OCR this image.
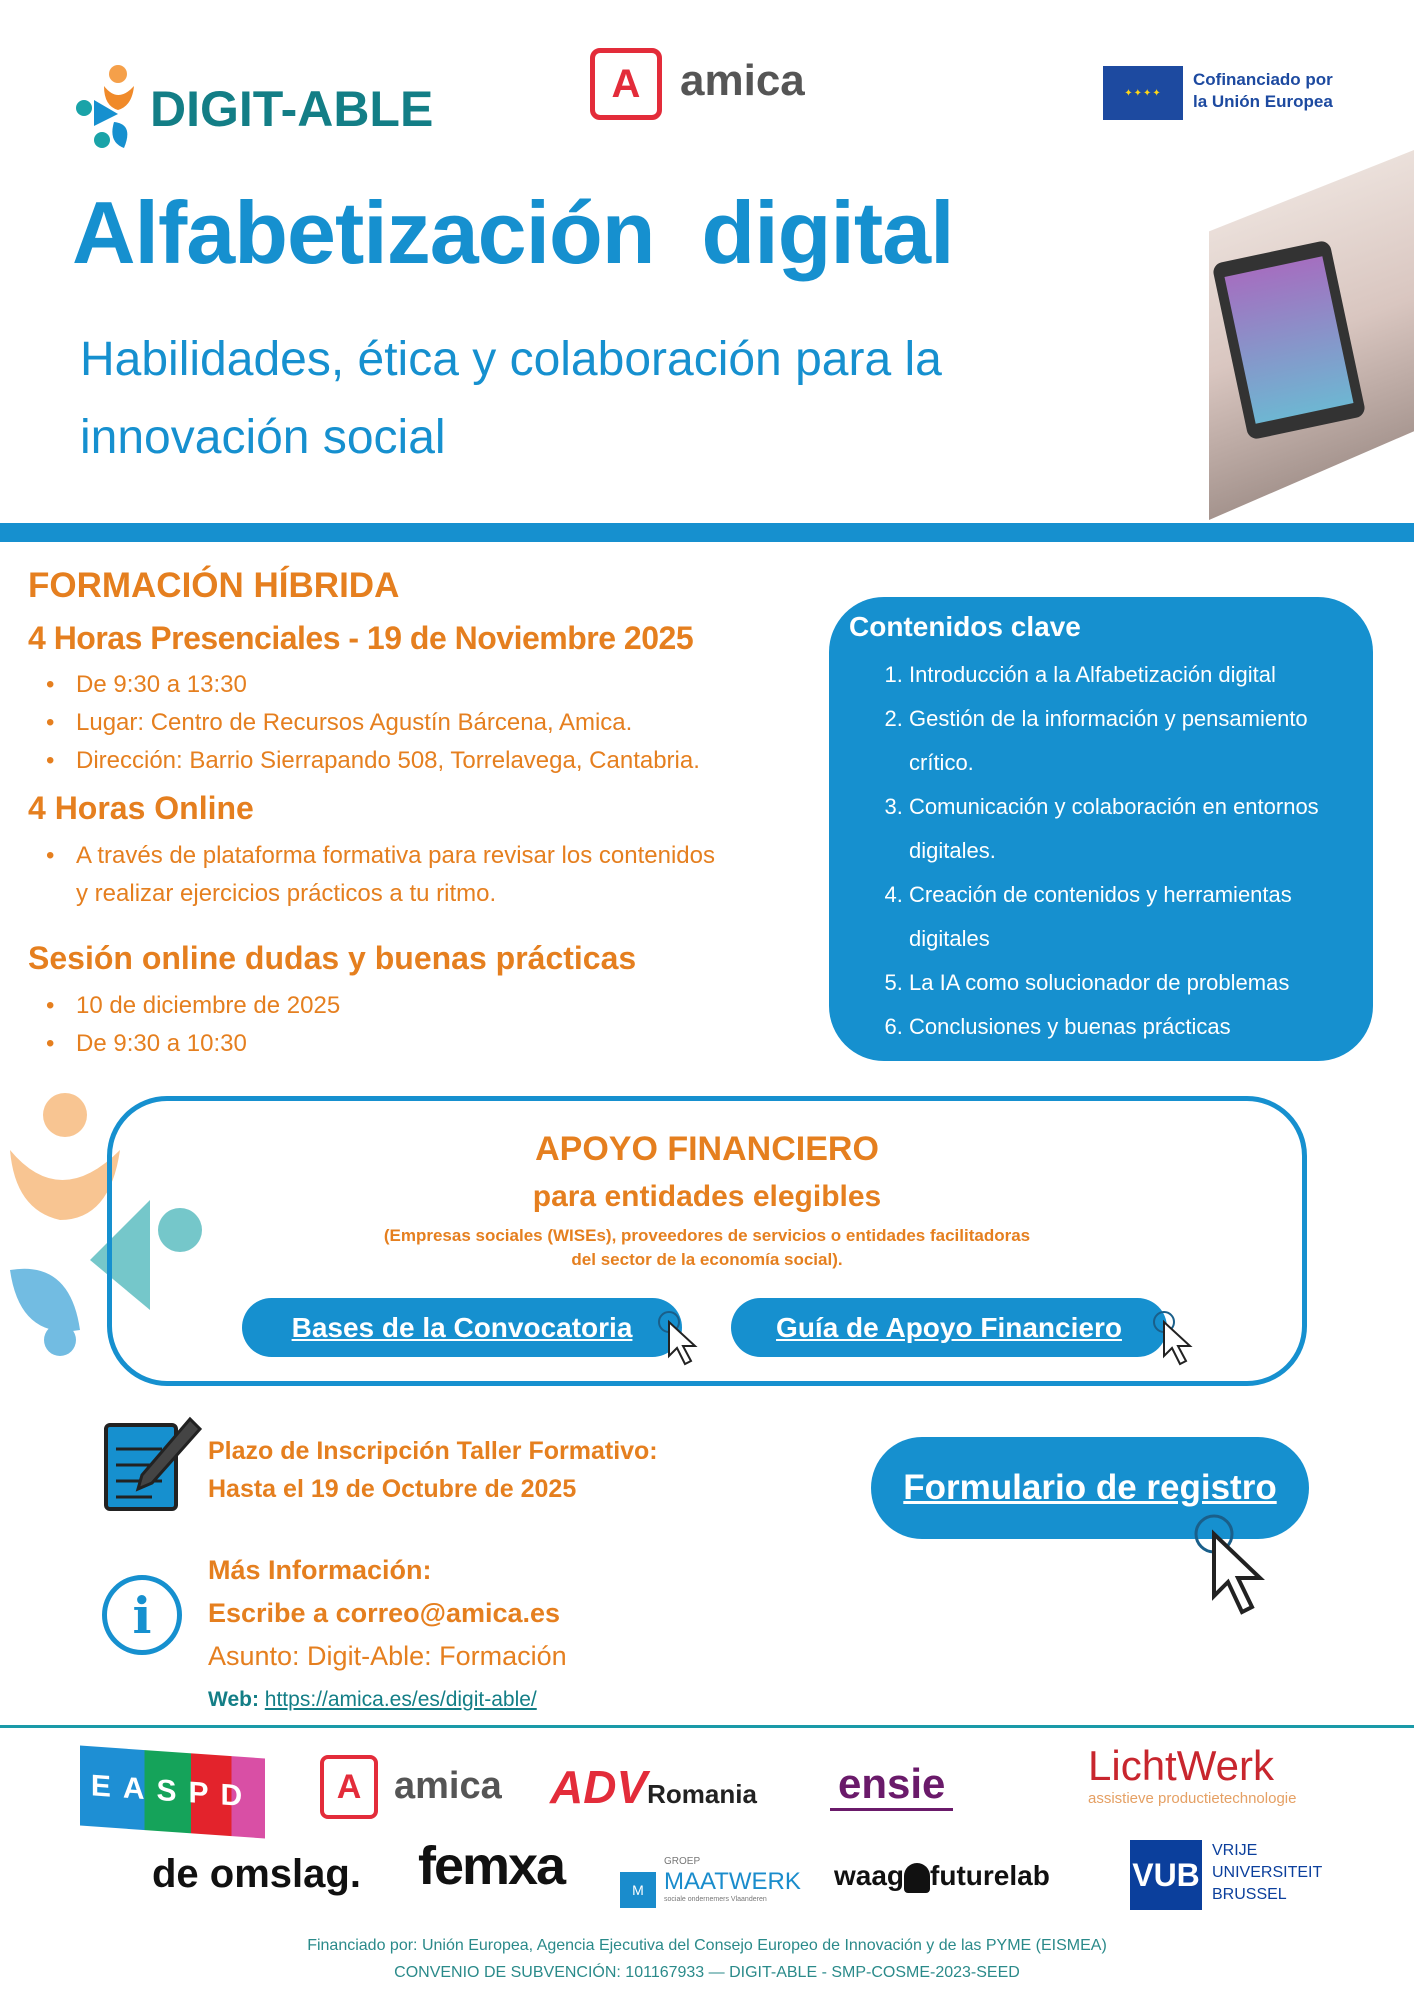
DIGIT-ABLE	A amica	✦✦✦✦
Cofinanciado por
la Unión Europea
Alfabetización  digital
Habilidades, ética y colaboración para la
innovación social
FORMACIÓN HÍBRIDA
4 Horas Presenciales - 19 de Noviembre 2025
• De 9:30 a 13:30
• Lugar: Centro de Recursos Agustín Bárcena, Amica.
• Dirección: Barrio Sierrapando 508, Torrelavega, Cantabria.
4 Horas Online
• A través de plataforma formativa para revisar los contenidos y realizar ejercicios prácticos a tu ritmo.
Sesión online dudas y buenas prácticas
• 10 de diciembre de 2025
• De 9:30 a 10:30
Contenidos clave
1. Introducción a la Alfabetización digital
2. Gestión de la información y pensamiento crítico.
3. Comunicación y colaboración en entornos digitales.
4. Creación de contenidos y herramientas digitales
5. La IA como solucionador de problemas
6. Conclusiones y buenas prácticas
APOYO FINANCIERO
para entidades elegibles
(Empresas sociales (WISEs), proveedores de servicios o entidades facilitadoras
del sector de la economía social).
Bases de la Convocatoria	Guía de Apoyo Financiero
Plazo de Inscripción Taller Formativo:
Hasta el 19 de Octubre de 2025	Formulario de registro
i
Más Información:
Escribe a correo@amica.es
Asunto: Digit-Able: Formación
Web: https://amica.es/es/digit-able/
EASPD	A amica ADVRomania ensie	LichtWerk
assistieve productietechnologie
de omslag. femxa	M
GROEP
MAATWERK
sociale ondernemers Vlaanderen
waag futurelab	VUB
VRIJE
UNIVERSITEIT
BRUSSEL
Financiado por: Unión Europea, Agencia Ejecutiva del Consejo Europeo de Innovación y de las PYME (EISMEA)
CONVENIO DE SUBVENCIÓN: 101167933 — DIGIT-ABLE - SMP-COSME-2023-SEED
